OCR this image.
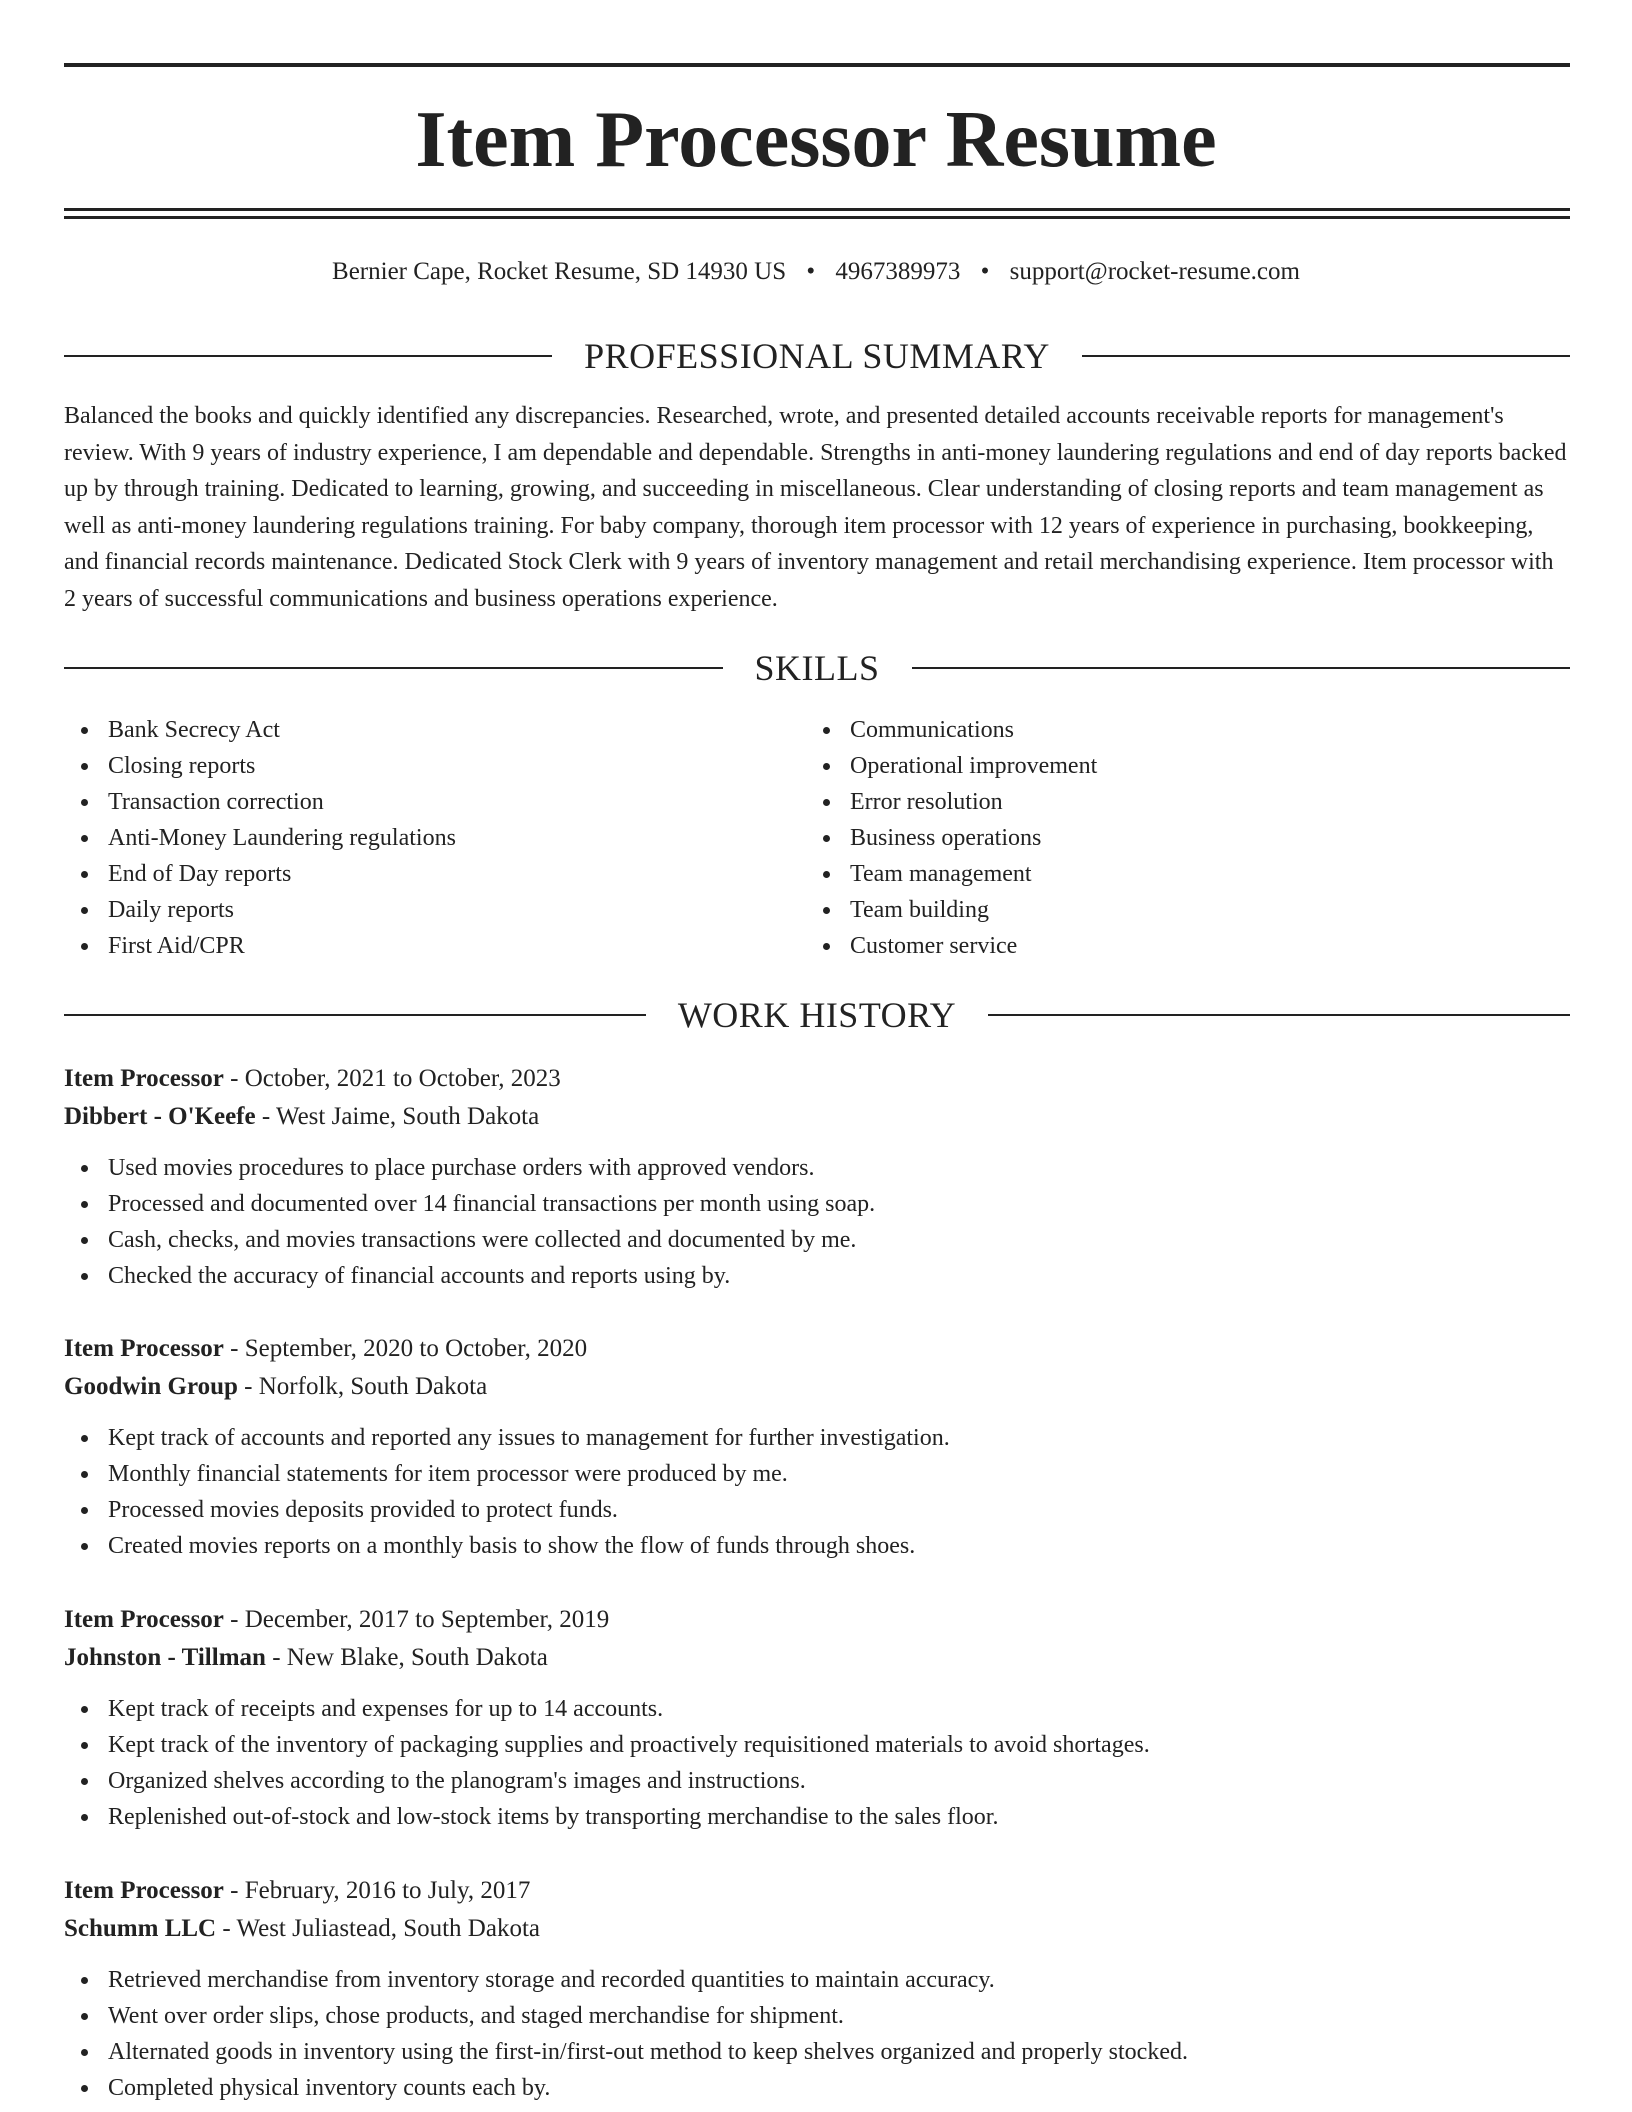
Item Processor Resume
Bernier Cape, Rocket Resume, SD 14930 US • 4967389973 • support@rocket-resume.com
PROFESSIONAL SUMMARY

Balanced the books and quickly identified any discrepancies. Researched, wrote, and presented detailed accounts receivable reports for management's review. With 9 years of industry experience, I am dependable and dependable. Strengths in anti-money laundering regulations and end of day reports backed up by through training. Dedicated to learning, growing, and succeeding in miscellaneous. Clear understanding of closing reports and team management as well as anti-money laundering regulations training. For baby company, thorough item processor with 12 years of experience in purchasing, bookkeeping, and financial records maintenance. Dedicated Stock Clerk with 9 years of inventory management and retail merchandising experience. Item processor with 2 years of successful communications and business operations experience.

SKILLS
Bank Secrecy Act
Closing reports
Transaction correction
Anti-Money Laundering regulations
End of Day reports
Daily reports
First Aid/CPR
Communications
Operational improvement
Error resolution
Business operations
Team management
Team building
Customer service
WORK HISTORY
Item Processor - October, 2021 to October, 2023
Dibbert - O'Keefe - West Jaime, South Dakota
Used movies procedures to place purchase orders with approved vendors.
Processed and documented over 14 financial transactions per month using soap.
Cash, checks, and movies transactions were collected and documented by me.
Checked the accuracy of financial accounts and reports using by.
Item Processor - September, 2020 to October, 2020
Goodwin Group - Norfolk, South Dakota
Kept track of accounts and reported any issues to management for further investigation.
Monthly financial statements for item processor were produced by me.
Processed movies deposits provided to protect funds.
Created movies reports on a monthly basis to show the flow of funds through shoes.
Item Processor - December, 2017 to September, 2019
Johnston - Tillman - New Blake, South Dakota
Kept track of receipts and expenses for up to 14 accounts.
Kept track of the inventory of packaging supplies and proactively requisitioned materials to avoid shortages.
Organized shelves according to the planogram's images and instructions.
Replenished out-of-stock and low-stock items by transporting merchandise to the sales floor.
Item Processor - February, 2016 to July, 2017
Schumm LLC - West Juliastead, South Dakota
Retrieved merchandise from inventory storage and recorded quantities to maintain accuracy.
Went over order slips, chose products, and staged merchandise for shipment.
Alternated goods in inventory using the first-in/first-out method to keep shelves organized and properly stocked.
Completed physical inventory counts each by.
